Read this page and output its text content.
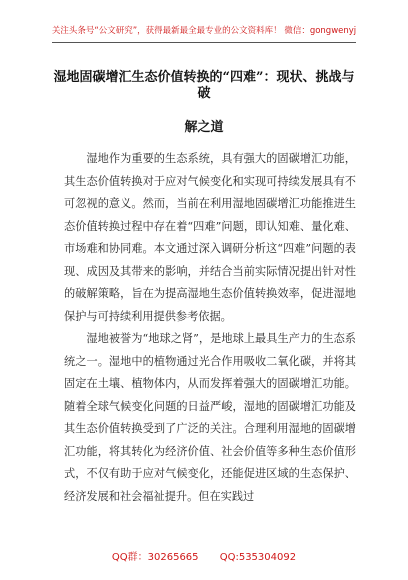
关注头条号“公文研究”，获得最新最全最专业的公文资料库！ 微信：gongwenyj
湿地固碳增汇生态价值转换的“四难”：现状、挑战与破
解之道

湿地作为重要的生态系统，具有强大的固碳增汇功能，其生态价值转换对于应对气候变化和实现可持续发展具有不可忽视的意义。然而，当前在利用湿地固碳增汇功能推进生态价值转换过程中存在着“四难”问题，即认知难、量化难、市场难和协同难。本文通过深入调研分析这“四难”问题的表现、成因及其带来的影响，并结合当前实际情况提出针对性的破解策略，旨在为提高湿地生态价值转换效率，促进湿地保护与可持续利用提供参考依据。

湿地被誉为“地球之肾”，是地球上最具生产力的生态系统之一。湿地中的植物通过光合作用吸收二氧化碳，并将其固定在土壤、植物体内，从而发挥着强大的固碳增汇功能。随着全球气候变化问题的日益严峻，湿地的固碳增汇功能及其生态价值转换受到了广泛的关注。合理利用湿地的固碳增汇功能，将其转化为经济价值、社会价值等多种生态价值形式，不仅有助于应对气候变化，还能促进区域的生态保护、经济发展和社会福祉提升。但在实践过

QQ群：30265665 QQ:535304092
